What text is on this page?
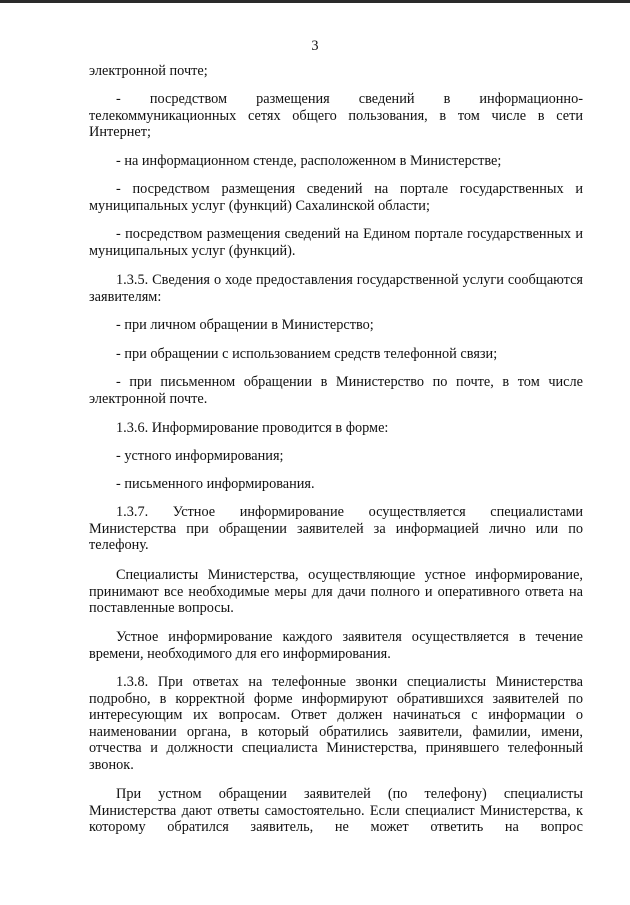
3

электронной почте;

- посредством размещения сведений в информационно-телекоммуникационных сетях общего пользования, в том числе в сети Интернет;

- на информационном стенде, расположенном в Министерстве;

- посредством размещения сведений на портале государственных и муниципальных услуг (функций) Сахалинской области;

- посредством размещения сведений на Едином портале государственных и муниципальных услуг (функций).

1.3.5. Сведения о ходе предоставления государственной услуги сообщаются заявителям:

- при личном обращении в Министерство;

- при обращении с использованием средств телефонной связи;

- при письменном обращении в Министерство по почте, в том числе электронной почте.

1.3.6. Информирование проводится в форме:

- устного информирования;

- письменного информирования.

1.3.7. Устное информирование осуществляется специалистами Министерства при обращении заявителей за информацией лично или по телефону.

Специалисты Министерства, осуществляющие устное информирование, принимают все необходимые меры для дачи полного и оперативного ответа на поставленные вопросы.

Устное информирование каждого заявителя осуществляется в течение времени, необходимого для его информирования.

1.3.8. При ответах на телефонные звонки специалисты Министерства подробно, в корректной форме информируют обратившихся заявителей по интересующим их вопросам. Ответ должен начинаться с информации о наименовании органа, в который обратились заявители, фамилии, имени, отчества и должности специалиста Министерства, принявшего телефонный звонок.

При устном обращении заявителей (по телефону) специалисты Министерства дают ответы самостоятельно. Если специалист Министерства, к которому обратился заявитель, не может ответить на вопрос
